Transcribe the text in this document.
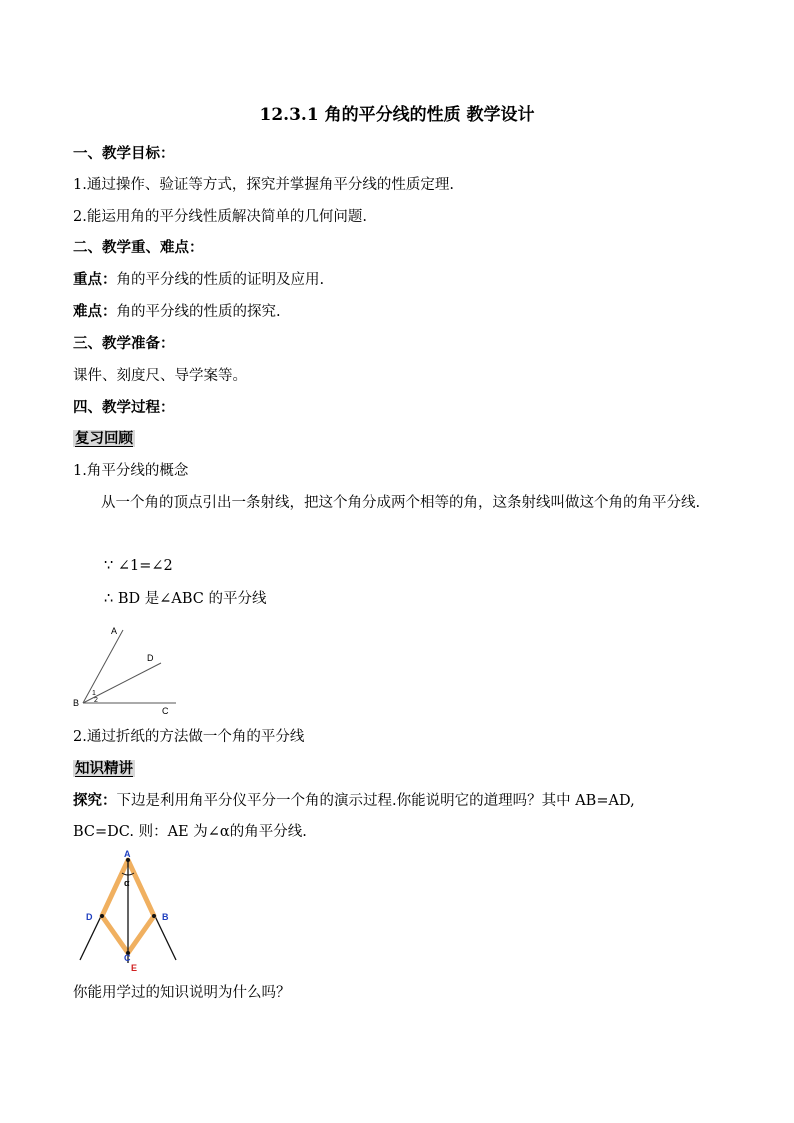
12.3.1 角的平分线的性质 教学设计
一、教学目标：
1.通过操作、验证等方式，探究并掌握角平分线的性质定理.
2.能运用角的平分线性质解决简单的几何问题.
二、教学重、难点：
重点：角的平分线的性质的证明及应用.
难点：角的平分线的性质的探究.
三、教学准备：
课件、刻度尺、导学案等。
四、教学过程：
复习回顾
1.角平分线的概念
从一个角的顶点引出一条射线，把这个角分成两个相等的角，这条射线叫做这个角的角平分线.
∵ ∠1=∠2
∴ BD 是∠ABC 的平分线
A
D
B
C
1
2
2.通过折纸的方法做一个角的平分线
知识精讲
探究：下边是利用角平分仪平分一个角的演示过程.你能说明它的道理吗？其中 AB=AD,
BC=DC. 则：AE 为∠α的角平分线.
A
D	B
C
E
α
你能用学过的知识说明为什么吗？
